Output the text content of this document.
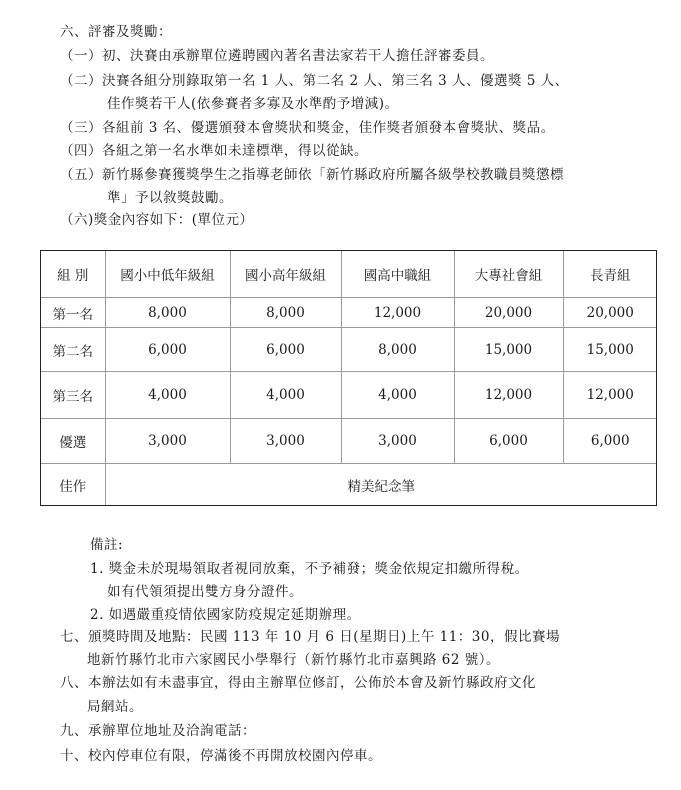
六、評審及獎勵：
（一）初、決賽由承辦單位遴聘國內著名書法家若干人擔任評審委員。
（二）決賽各組分別錄取第一名 1 人、第二名 2 人、第三名 3 人、優選獎 5 人、
佳作獎若干人(依參賽者多寡及水準酌予增減)。
（三）各組前 3 名、優選頒發本會獎狀和獎金，佳作獎者頒發本會獎狀、獎品。
（四）各組之第一名水準如未達標準，得以從缺。
（五）新竹縣參賽獲獎學生之指導老師依「新竹縣政府所屬各級學校教職員獎懲標
準」予以敘獎鼓勵。
（六)獎金內容如下：(單位元）
組 別	國小中低年級組	國小高年級組	國高中職組	大專社會組	長青組
第一名	8,000	8,000	12,000	20,000	20,000
第二名	6,000	6,000	8,000	15,000	15,000
第三名	4,000	4,000	4,000	12,000	12,000
優選	3,000	3,000	3,000	6,000	6,000
佳作	精美紀念筆				
備註:
1. 獎金未於現場領取者視同放棄，不予補發；獎金依規定扣繳所得稅。
如有代領須提出雙方身分證件。
2. 如遇嚴重疫情依國家防疫規定延期辦理。
七、頒獎時間及地點：民國 113 年 10 月 6 日(星期日)上午 11：30，假比賽場
地新竹縣竹北市六家國民小學舉行（新竹縣竹北市嘉興路 62 號）。
八、本辦法如有未盡事宜，得由主辦單位修訂，公佈於本會及新竹縣政府文化
局網站。
九、承辦單位地址及洽詢電話：
十、校內停車位有限，停滿後不再開放校園內停車。
